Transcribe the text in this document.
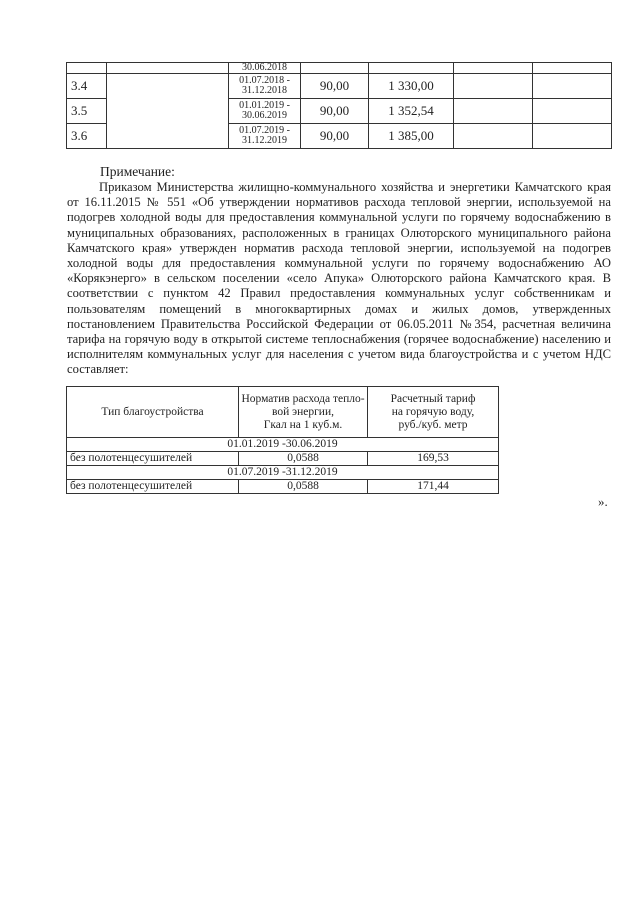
		30.06.2018				
3.4		01.07.2018 -
31.12.2018	90,00	1 330,00		
3.5		01.01.2019 -
30.06.2019	90,00	1 352,54		
3.6		01.07.2019 -
31.12.2019	90,00	1 385,00		
Примечание:

Приказом Министерства жилищно-коммунального хозяйства и энергетики Камчатского края от 16.11.2015 № 551 «Об утверждении нормативов расхода тепловой энергии, используемой на подогрев холодной воды для предоставления коммунальной услуги по горячему водоснабжению в муниципальных образованиях, расположенных в границах Олюторского муниципального района Камчатского края» утвержден норматив расхода тепловой энергии, используемой на подогрев холодной воды для предоставления коммунальной услуги по горячему водоснабжению АО «Корякэнерго» в сельском поселении «село Апука» Олюторского района Камчатского края. В соответствии с пунктом 42 Правил предоставления коммунальных услуг собственникам и пользователям помещений в многоквартирных домах и жилых домов, утвержденных постановлением Правительства Российской Федерации от 06.05.2011 №354, расчетная величина тарифа на горячую воду в открытой системе теплоснабжения (горячее водоснабжение) населению и исполнителям коммунальных услуг для населения с учетом вида благоустройства и с учетом НДС составляет:

Тип благоустройства	Норматив расхода тепло-
вой энергии,
Гкал на 1 куб.м.	Расчетный тариф
на горячую воду,
руб./куб. метр
01.01.2019 -30.06.2019		
без полотенцесушителей	0,0588	169,53
01.07.2019 -31.12.2019		
без полотенцесушителей	0,0588	171,44
».
